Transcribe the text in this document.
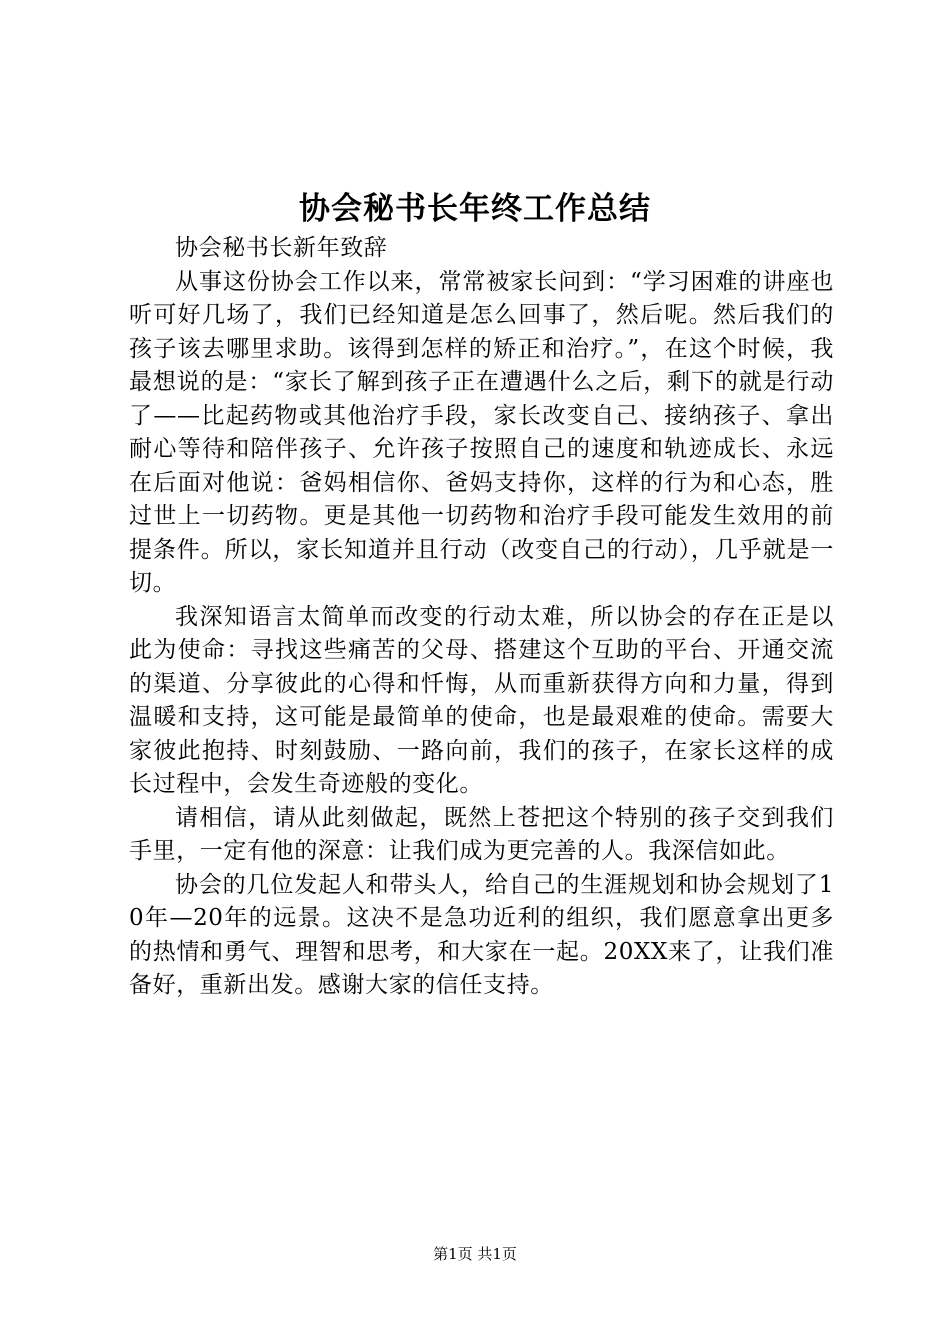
协会秘书长年终工作总结

协会秘书长新年致辞

从事这份协会工作以来，常常被家长问到：“学习困难的讲座也听可好几场了，我们已经知道是怎么回事了，然后呢。然后我们的孩子该去哪里求助。该得到怎样的矫正和治疗。”，在这个时候，我最想说的是：“家长了解到孩子正在遭遇什么之后，剩下的就是行动了——比起药物或其他治疗手段，家长改变自己、接纳孩子、拿出耐心等待和陪伴孩子、允许孩子按照自己的速度和轨迹成长、永远在后面对他说：爸妈相信你、爸妈支持你，这样的行为和心态，胜过世上一切药物。更是其他一切药物和治疗手段可能发生效用的前提条件。所以，家长知道并且行动（改变自己的行动），几乎就是一切。

我深知语言太简单而改变的行动太难，所以协会的存在正是以此为使命：寻找这些痛苦的父母、搭建这个互助的平台、开通交流的渠道、分享彼此的心得和忏悔，从而重新获得方向和力量，得到温暖和支持，这可能是最简单的使命，也是最艰难的使命。需要大家彼此抱持、时刻鼓励、一路向前，我们的孩子，在家长这样的成长过程中，会发生奇迹般的变化。

请相信，请从此刻做起，既然上苍把这个特别的孩子交到我们手里，一定有他的深意：让我们成为更完善的人。我深信如此。

协会的几位发起人和带头人，给自己的生涯规划和协会规划了10年—20年的远景。这决不是急功近利的组织，我们愿意拿出更多的热情和勇气、理智和思考，和大家在一起。20XX来了，让我们准备好，重新出发。感谢大家的信任支持。

第1页 共1页
